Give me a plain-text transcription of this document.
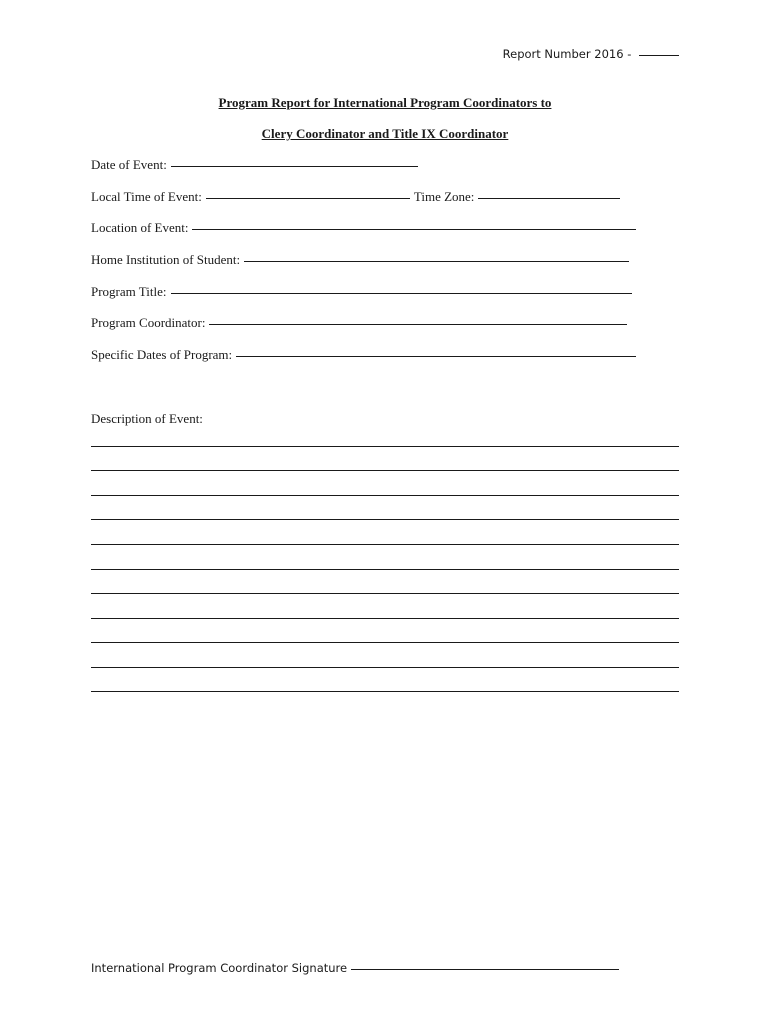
Report Number 2016 -
Program Report for International Program Coordinators to
Clery Coordinator and Title IX Coordinator
Date of Event:
Local Time of Event:	Time Zone:
Location of Event:
Home Institution of Student:
Program Title:
Program Coordinator:
Specific Dates of Program:
Description of Event:
International Program Coordinator Signature
